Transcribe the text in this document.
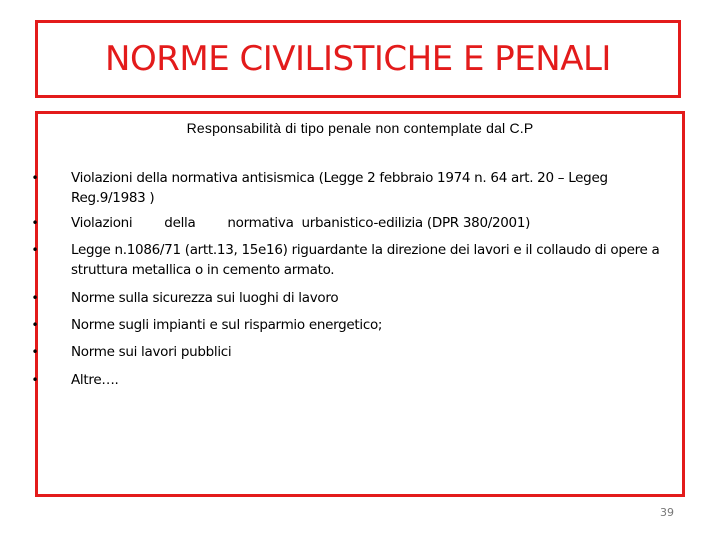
NORME CIVILISTICHE E PENALI
Responsabilità di tipo penale non contemplate dal C.P
• Violazioni della normativa antisismica (Legge 2 febbraio 1974 n. 64 art. 20 – Legeg Reg.9/1983 )
• Violazioni        della        normativa  urbanistico-edilizia (DPR 380/2001)
• Legge n.1086/71 (artt.13, 15e16) riguardante la direzione dei lavori e il collaudo di opere a struttura metallica o in cemento armato.
• Norme sulla sicurezza sui luoghi di lavoro
• Norme sugli impianti e sul risparmio energetico;
• Norme sui lavori pubblici
• Altre….
39
